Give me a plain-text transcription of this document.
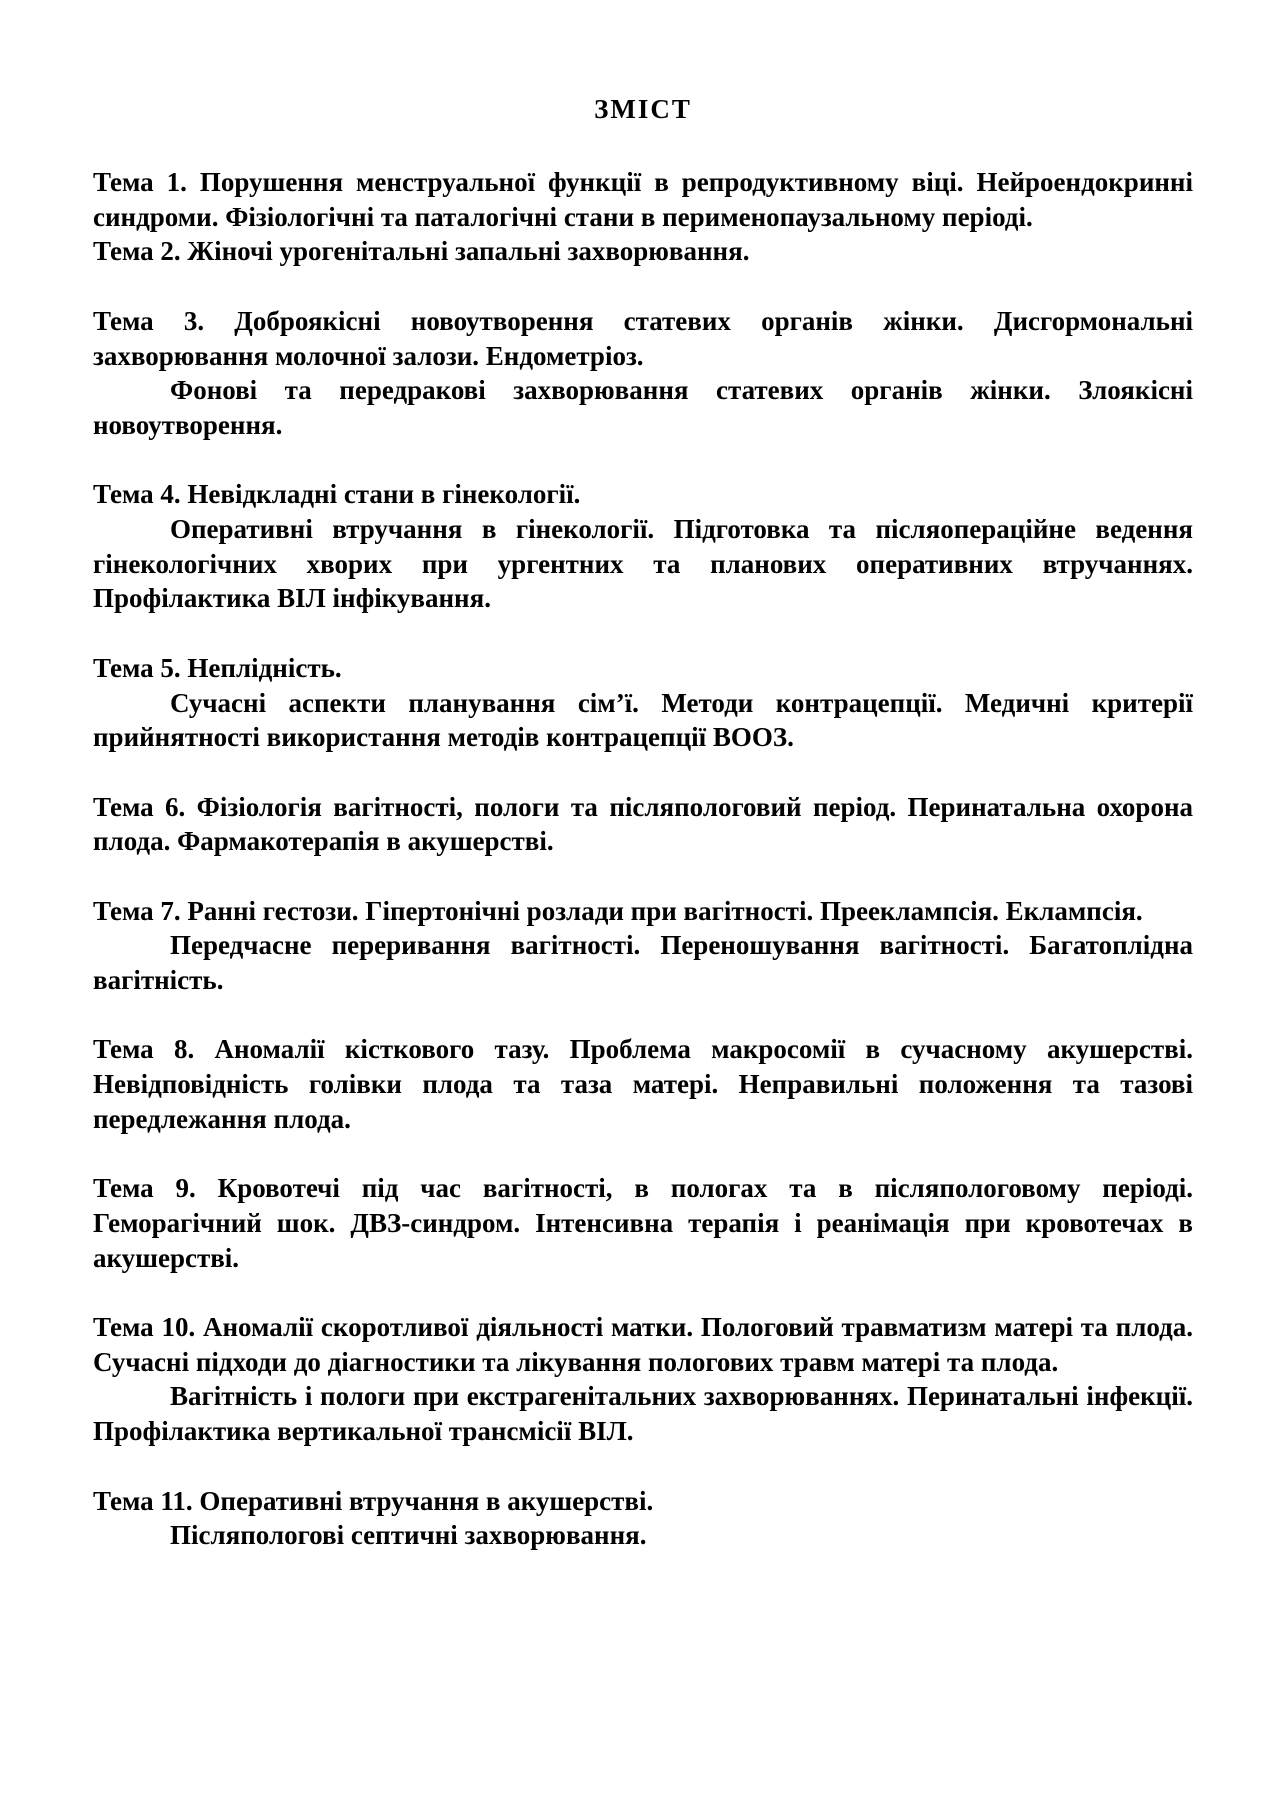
ЗМІСТ

Тема 1. Порушення менструальної функції в репродуктивному віці. Нейроендокринні синдроми. Фізіологічні та паталогічні стани в перименопаузальному періоді.

Тема 2. Жіночі урогенітальні запальні захворювання.

Тема 3. Доброякісні новоутворення статевих органів жінки. Дисгормональні захворювання молочної залози. Ендометріоз.

Фонові та передракові захворювання статевих органів жінки. Злоякісні новоутворення.

Тема 4. Невідкладні стани в гінекології.

Оперативні втручання в гінекології. Підготовка та післяопераційне ведення гінекологічних хворих при ургентних та планових оперативних втручаннях. Профілактика ВІЛ інфікування.

Тема 5. Неплідність.

Сучасні аспекти планування сім’ї. Методи контрацепції. Медичні критерії прийнятності використання методів контрацепції ВООЗ.

Тема 6. Фізіологія вагітності, пологи та післяпологовий період. Перинатальна охорона плода. Фармакотерапія в акушерстві.

Тема 7. Ранні гестози. Гіпертонічні розлади при вагітності. Прееклампсія. Еклампсія.

Передчасне переривання вагітності. Переношування вагітності. Багатоплідна вагітність.

Тема 8. Аномалії кісткового тазу. Проблема макросомії в сучасному акушерстві. Невідповідність голівки плода та таза матері. Неправильні положення та тазові передлежання плода.

Тема 9. Кровотечі під час вагітності, в пологах та в післяпологовому періоді. Геморагічний шок. ДВЗ-синдром. Інтенсивна терапія і реанімація при кровотечах в акушерстві.

Тема 10. Аномалії скоротливої діяльності матки. Пологовий травматизм матері та плода. Сучасні підходи до діагностики та лікування пологових травм матері та плода.

Вагітність і пологи при екстрагенітальних захворюваннях. Перинатальні інфекції. Профілактика вертикальної трансмісії ВІЛ.

Тема 11. Оперативні втручання в акушерстві.

Післяпологові септичні захворювання.
